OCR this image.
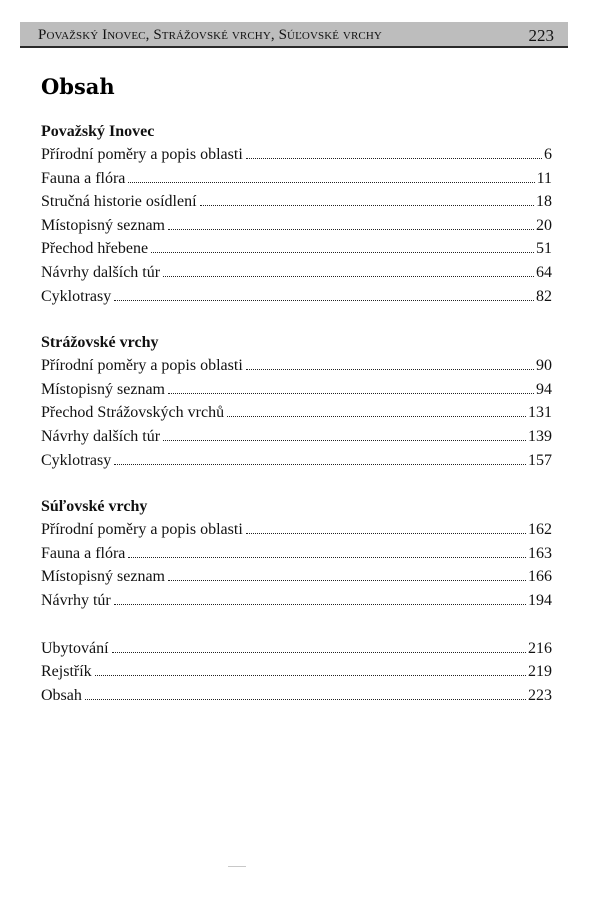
Považský Inovec, Strážovské vrchy, Súľovské vrchy	223
Obsah
Považský Inovec
Přírodní poměry a popis oblasti	6
Fauna a flóra	11
Stručná historie osídlení	18
Místopisný seznam	20
Přechod hřebene	51
Návrhy dalších túr	64
Cyklotrasy	82
Strážovské vrchy
Přírodní poměry a popis oblasti	90
Místopisný seznam	94
Přechod Strážovských vrchů	131
Návrhy dalších túr	139
Cyklotrasy	157
Súľovské vrchy
Přírodní poměry a popis oblasti	162
Fauna a flóra	163
Místopisný seznam	166
Návrhy túr	194
Ubytování	216
Rejstřík	219
Obsah	223
